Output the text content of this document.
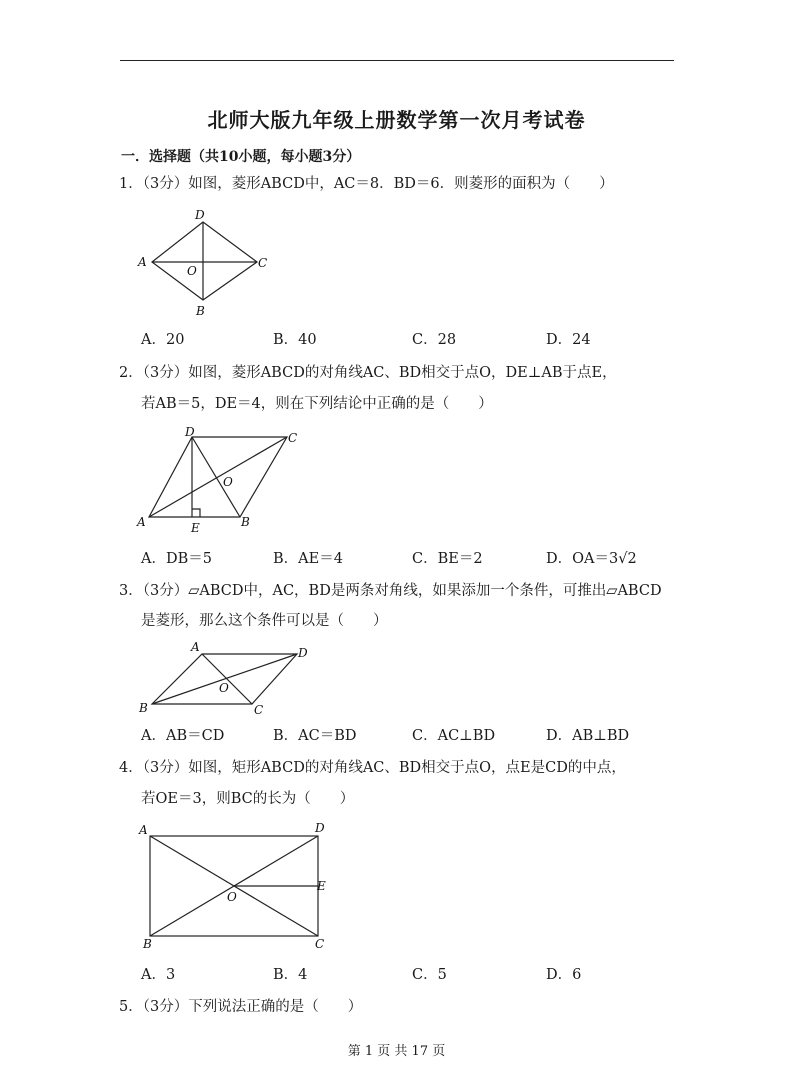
北师大版九年级上册数学第一次月考试卷
一．选择题（共10小题，每小题3分）
1．（3分）如图，菱形ABCD中，AC＝8．BD＝6．则菱形的面积为（　　）
D
A	C
B
O
A．20	B．40	C．28	D．24
2．（3分）如图，菱形ABCD的对角线AC、BD相交于点O，DE⊥AB于点E，
若AB＝5，DE＝4，则在下列结论中正确的是（　　）
D	C
A	B
E
O
A．DB＝5	B．AE＝4	C．BE＝2	D．OA＝3√2
3．（3分）▱ABCD中，AC，BD是两条对角线，如果添加一个条件，可推出▱ABCD
是菱形，那么这个条件可以是（　　）
A	D
B	C
O
A．AB＝CD	B．AC＝BD	C．AC⊥BD	D．AB⊥BD
4．（3分）如图，矩形ABCD的对角线AC、BD相交于点O，点E是CD的中点，
若OE＝3，则BC的长为（　　）
A	D
E
O
B	C
A．3	B．4	C．5	D．6
5．（3分）下列说法正确的是（　　）
第 1 页 共 17 页
